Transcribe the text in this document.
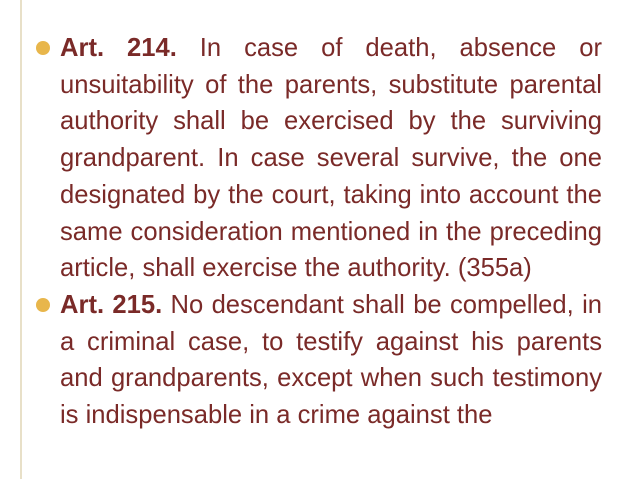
Art. 214. In case of death, absence or unsuitability of the parents, substitute parental authority shall be exercised by the surviving grandparent. In case several survive, the one designated by the court, taking into account the same consideration mentioned in the preceding article, shall exercise the authority. (355a)

Art. 215. No descendant shall be compelled, in a criminal case, to testify against his parents and grandparents, except when such testimony is indispensable in a crime against the
